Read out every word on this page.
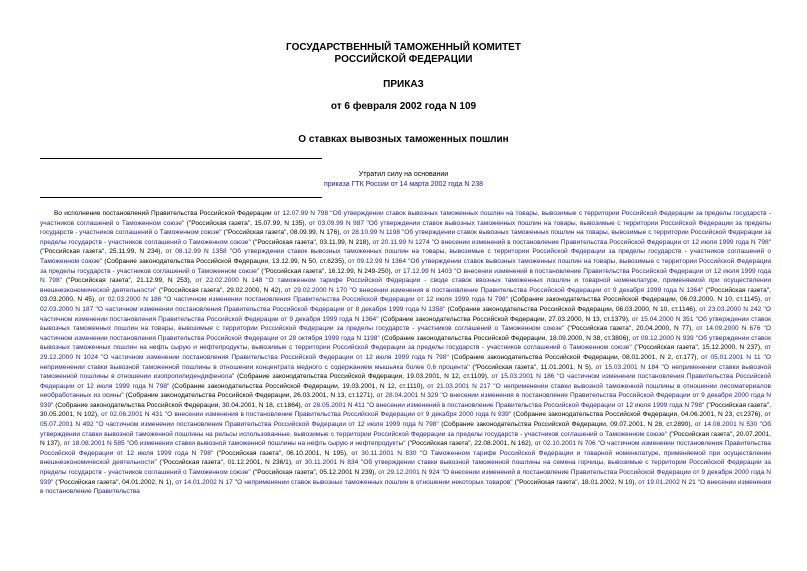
ГОСУДАРСТВЕННЫЙ ТАМОЖЕННЫЙ КОМИТЕТ
РОССИЙСКОЙ ФЕДЕРАЦИИ
ПРИКАЗ
от 6 февраля 2002 года N 109
О ставках вывозных таможенных пошлин
Утратил силу на основании
приказа ГТК России от 14 марта 2002 года N 238

Во исполнение постановлений Правительства Российской Федерации от 12.07.99 N 798 "Об утверждении ставок вывозных таможенных пошлин на товары, вывозимые с территории Российской Федерации за пределы государств - участников соглашений о Таможенном союзе" ("Российская газета", 15.07.99, N 135), от 03.09.99 N 987 "Об утверждении ставок вывозных таможенных пошлин на товары, вывозимые с территории Российской Федерации за пределы государств - участников соглашений о Таможенном союзе" ("Российская газета", 08.09.99, N 176), от 28.10.99 N 1198 "Об утверждении ставок вывозных таможенных пошлин на товары, вывозимые с территории Российской Федерации за пределы государств - участников соглашений о Таможенном союзе" ("Российская газета", 03.11.99, N 218), от 20.11.99 N 1274 "О внесении изменений в постановление Правительства Российской Федерации от 12 июля 1999 года N 798" ("Российская газета", 25.11.99, N 234), от 08.12.99 N 1358 "Об утверждении ставок вывозных таможенных пошлин на товары, вывозимые с территории Российской Федерации за пределы государств - участников соглашений о Таможенном союзе" (Собрание законодательства Российской Федерации, 13.12.99, N 50, ст.6235), от 09.12.99 N 1364 "Об утверждении ставок вывозных таможенных пошлин на товары, вывозимые с территории Российской Федерации за пределы государств - участников соглашений о Таможенном союзе" ("Российская газета", 16.12.99, N 249-250), от 17.12.99 N 1403 "О внесении изменений в постановление Правительства Российской Федерации от 12 июля 1999 года N 798" ("Российская газета", 21.12.99, N 253), от 22.02.2000 N 148 "О таможенном тарифе Российской Федерации - своде ставок ввозных таможенных пошлин и товарной номенклатуре, применяемой при осуществлении внешнеэкономической деятельности" ("Российская газета", 29.02.2000, N 42), от 29.02.2000 N 170 "О внесении изменения в постановление Правительства Российской Федерации от 9 декабря 1999 года N 1364" ("Российская газета", 03.03.2000, N 45), от 02.03.2000 N 186 "О частичном изменении постановления Правительства Российской Федерации от 12 июля 1999 года N 798" (Собрание законодательства Российской Федерации, 06.03.2000, N 10, ст.1145), от 02.03.2000 N 187 "О частичном изменении постановления Правительства Российской Федерации от 8 декабря 1999 года N 1358" (Собрание законодательства Российской Федерации, 06.03.2000, N 10, ст.1146), от 23.03.2000 N 242 "О частичном изменении постановления Правительства Российской Федерации от 9 декабря 1999 года N 1364" (Собрание законодательства Российской Федерации, 27.03.2000, N 13, ст.1379), от 15.04.2000 N 351 "Об утверждении ставок вывозных таможенных пошлин на товары, вывозимые с территории Российской Федерации за пределы государств - участников соглашений о Таможенном союзе" ("Российская газета", 20.04.2000, N 77), от 14.09.2000 N 676 "О частичном изменении постановления Правительства Российской Федерации от 28 октября 1999 года N 1198" (Собрание законодательства Российской Федерации, 18.09.2000, N 38, ст.3806), от 09.12.2000 N 939 "Об утверждении ставок вывозных таможенных пошлин на нефть сырую и нефтепродукты, вывозимые с территории Российской Федерации за пределы государств - участников соглашений о Таможенном союзе" ("Российская газета", 15.12.2000, N 237), от 29.12.2000 N 1024 "О частичном изменении постановления Правительства Российской Федерации от 12 июля 1999 года N 798" (Собрание законодательства Российской Федерации, 08.01.2001, N 2, ст.177), от 05.01.2001 N 11 "О неприменении ставки вывозной таможенной пошлины в отношении концентрата медного с содержанием мышьяка более 0,6 процента" ("Российская газета", 11.01.2001, N 5), от 15.03.2001 N 184 "О неприменении ставки вывозной таможенной пошлины в отношении изопропилидендифенола" (Собрание законодательства Российской Федерации, 19.03.2001, N 12, ст.1109), от 15.03.2001 N 186 "О частичном изменении постановления Правительства Российской Федерации от 12 июля 1999 года N 798" (Собрание законодательства Российской Федерации, 19.03.2001, N 12, ст.1110), от 21.03.2001 N 217 "О неприменении ставки вывозной таможенной пошлины в отношении лесоматериалов необработанных из осины" (Собрание законодательства Российской Федерации, 26.03.2001, N 13, ст.1271), от 28.04.2001 N 329 "О внесении изменения в постановление Правительства Российской Федерации от 9 декабря 2000 года N 939" (Собрание законодательства Российской Федерации, 30.04.2001, N 18, ст.1864), от 28.05.2001 N 411 "О внесении изменений в постановление Правительства Российской Федерации от 12 июля 1999 года N 798" ("Российская газета", 30.05.2001, N 102), от 02.06.2001 N 431 "О внесении изменения в постановление Правительства Российской Федерации от 9 декабря 2000 года N 939" (Собрание законодательства Российской Федерации, 04.06.2001, N 23, ст.2376), от 05.07.2001 N 492 "О частичном изменении постановления Правительства Российской Федерации от 12 июля 1999 года N 798" (Собрание законодательства Российской Федерации, 09.07.2001, N 28, ст.2890), от 14.08.2001 N 530 "Об утверждении ставки вывозной таможенной пошлины на рельсы использованные, вывозимые с территории Российской Федерации за пределы государств - участников соглашений о Таможенном союзе" ("Российская газета", 20.07.2001, N 137), от 18.08.2001 N 585 "Об изменении ставки вывозной таможенной пошлины на нефть сырую и нефтепродукты" ("Российская газета", 22.08.2001, N 162), от 02.10.2001 N 706 "О частичном изменении постановления Правительства Российской Федерации от 12 июля 1999 года N 798" ("Российская газета", 06.10.2001, N 195), от 30.11.2001 N 830 "О Таможенном тарифе Российской Федерации и товарной номенклатуре, применяемой при осуществлении внешнеэкономической деятельности" ("Российская газета", 01.12.2001, N 236/1), от 30.11.2001 N 834 "Об утверждении ставки вывозной таможенной пошлины на семена горчицы, вывозимые с территории Российской Федерации за пределы государств - участников соглашений о Таможенном союзе" ("Российская газета", 05.12.2001 N 239), от 29.12.2001 N 924 "О внесении изменений в постановление Правительства Российской Федерации от 9 декабря 2000 года N 939" ("Российская газета", 04.01.2002, N 1), от 14.01.2002 N 17 "О неприменении ставок вывозных таможенных пошлин в отношении некоторых товаров" ("Российская газета", 18.01.2002, N 10), от 19.01.2002 N 21 "О внесении изменения в постановление Правительства
